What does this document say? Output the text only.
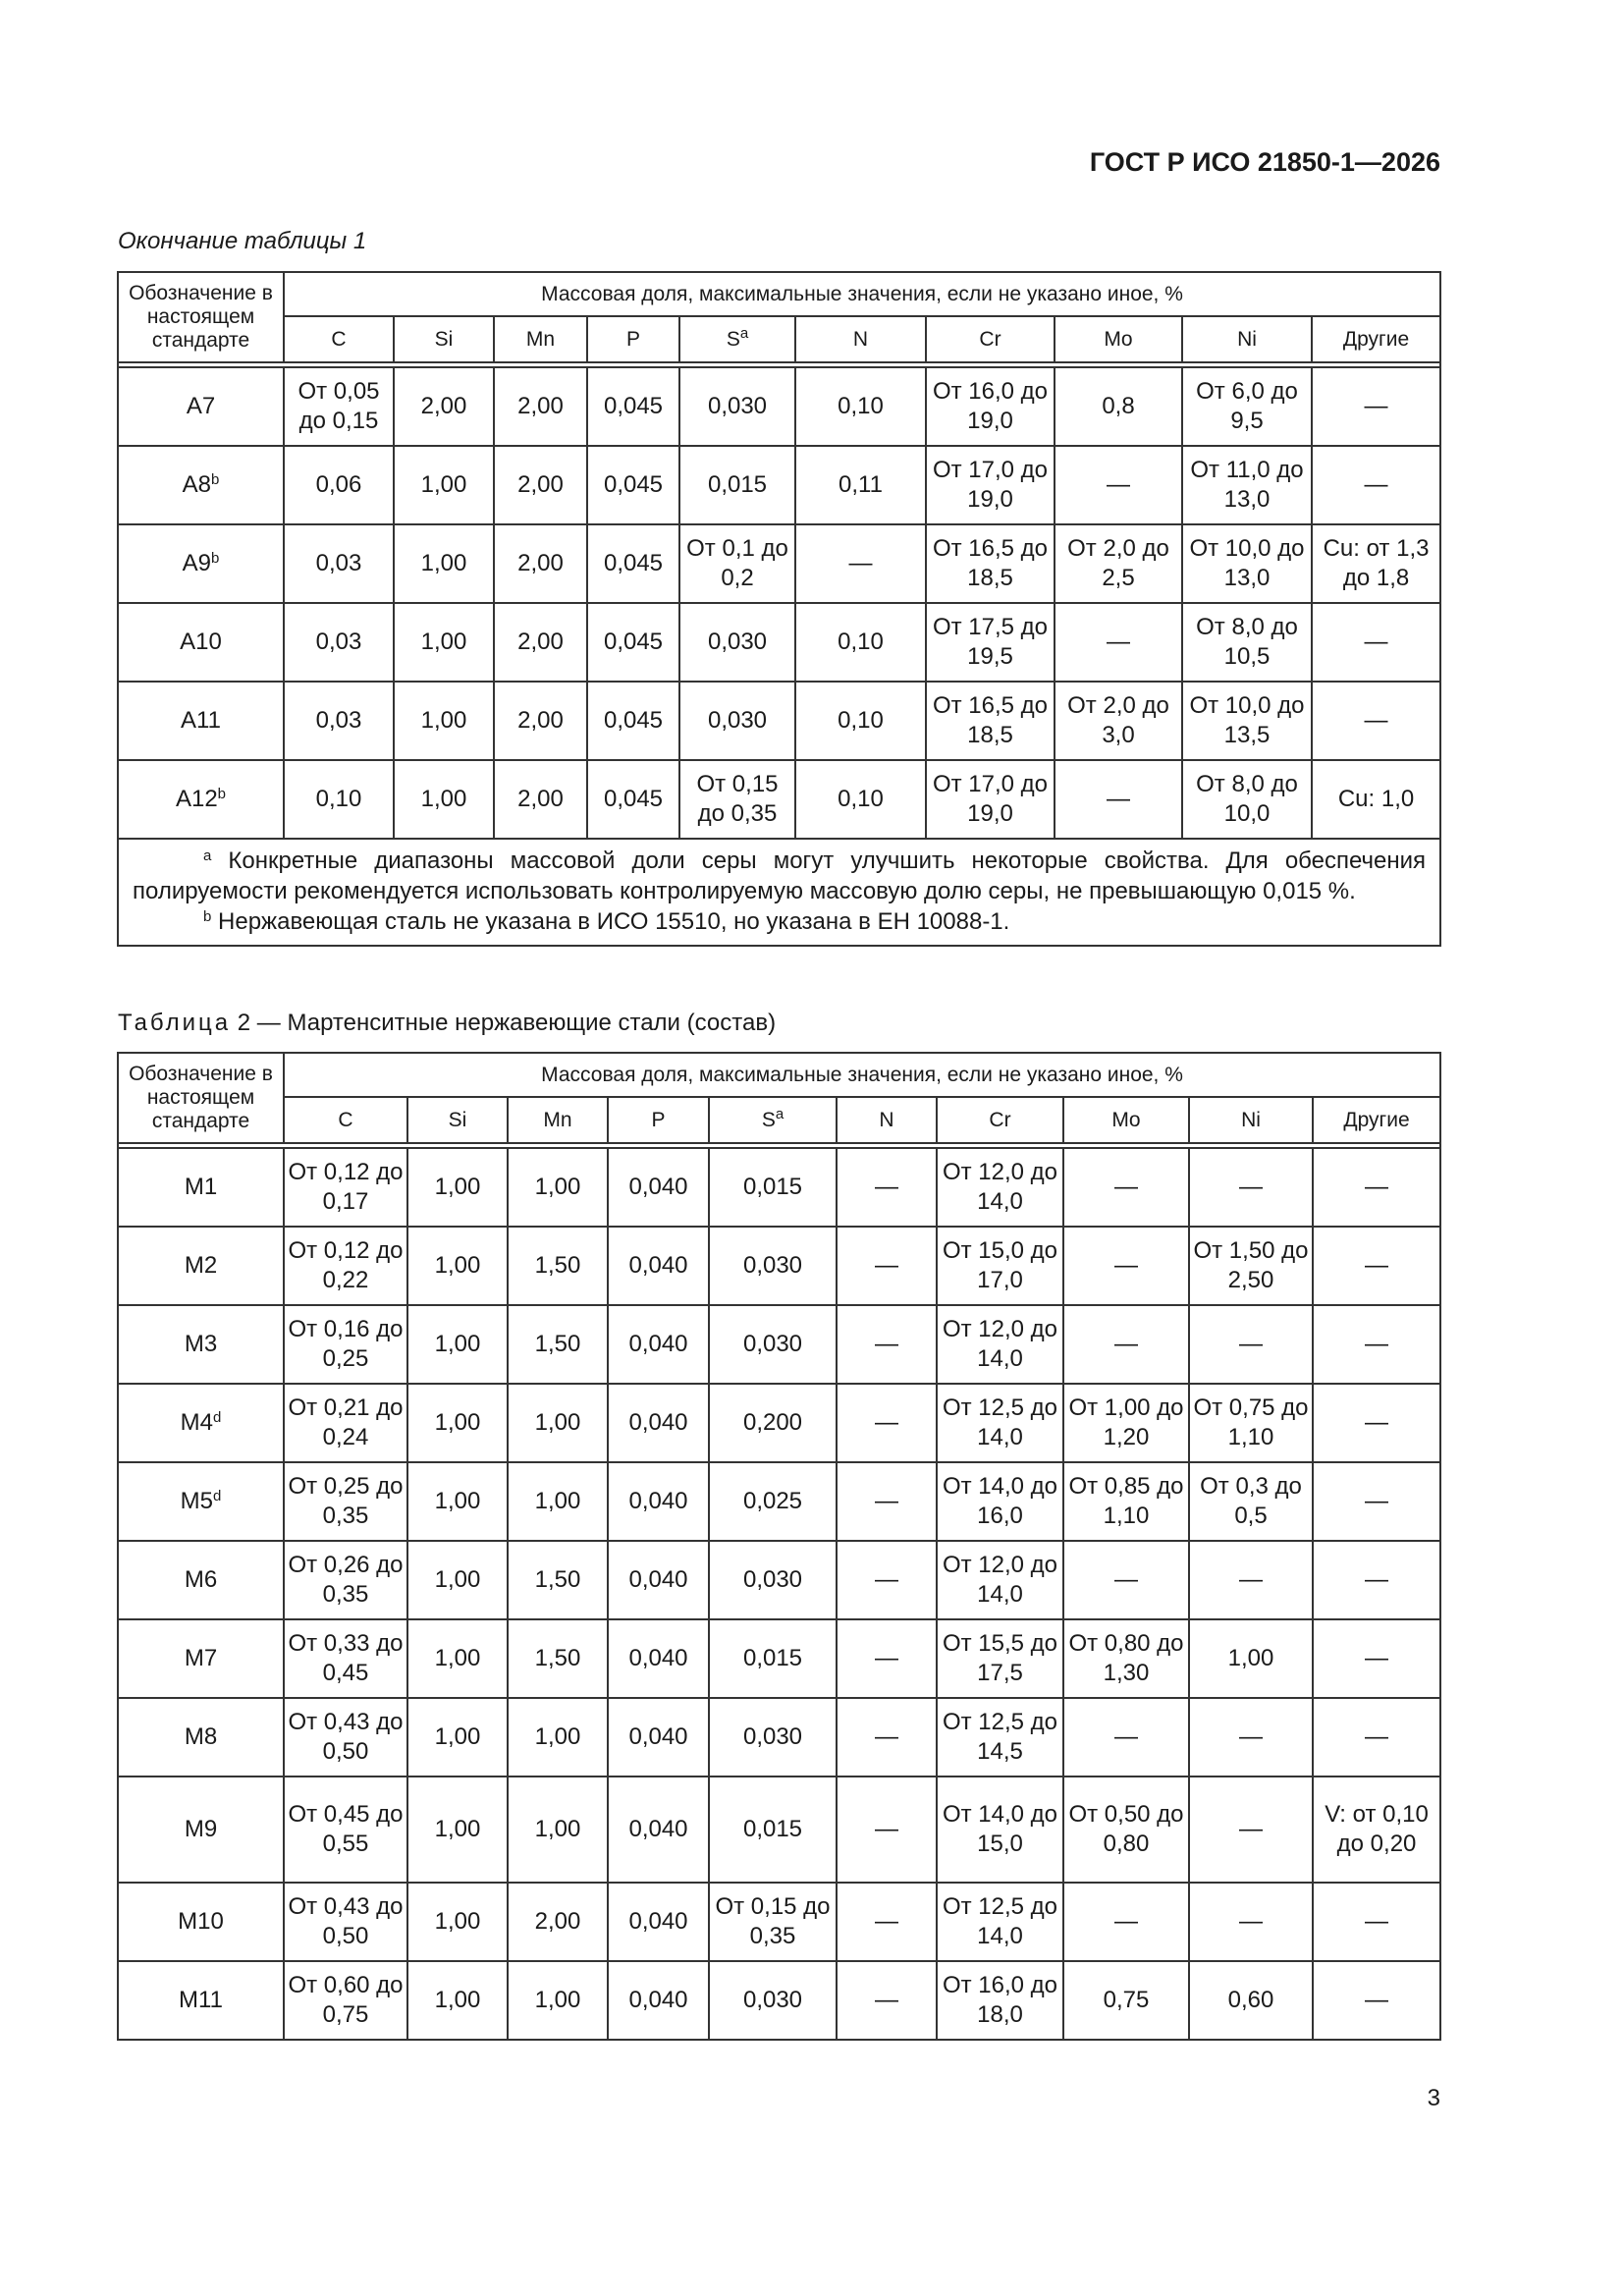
ГОСТ Р ИСО 21850-1—2026
Окончание таблицы 1
Обозначение в настоящем стандарте	Массовая доля, максимальные значения, если не указано иное, %									
	C	Si	Mn	P	$S^a$	N	Cr	Mo	Ni	Другие

A7	От 0,05 до 0,15	2,00	2,00	0,045	0,030	0,10	От 16,0 до 19,0	0,8	От 6,0 до 9,5	—
A8$^b$	0,06	1,00	2,00	0,045	0,015	0,11	От 17,0 до 19,0	—	От 11,0 до 13,0	—
A9$^b$	0,03	1,00	2,00	0,045	От 0,1 до 0,2	—	От 16,5 до 18,5	От 2,0 до 2,5	От 10,0 до 13,0	Cu: от 1,3 до 1,8
A10	0,03	1,00	2,00	0,045	0,030	0,10	От 17,5 до 19,5	—	От 8,0 до 10,5	—
A11	0,03	1,00	2,00	0,045	0,030	0,10	От 16,5 до 18,5	От 2,0 до 3,0	От 10,0 до 13,5	—
A12$^b$	0,10	1,00	2,00	0,045	От 0,15 до 0,35	0,10	От 17,0 до 19,0	—	От 8,0 до 10,0	Cu: 1,0

$^a$ Конкретные диапазоны массовой доли серы могут улучшить некоторые свойства. Для обеспечения полируемости рекомендуется использовать контролируемую массовую долю серы, не превышающую 0,015 %.

$^b$ Нержавеющая сталь не указана в ИСО 15510, но указана в ЕН 10088-1.										

Таблица 2 — Мартенситные нержавеющие стали (состав)
Обозначение в настоящем стандарте	Массовая доля, максимальные значения, если не указано иное, %									
	C	Si	Mn	P	$S^a$	N	Cr	Mo	Ni	Другие

M1	От 0,12 до 0,17	1,00	1,00	0,040	0,015	—	От 12,0 до 14,0	—	—	—
M2	От 0,12 до 0,22	1,00	1,50	0,040	0,030	—	От 15,0 до 17,0	—	От 1,50 до 2,50	—
M3	От 0,16 до 0,25	1,00	1,50	0,040	0,030	—	От 12,0 до 14,0	—	—	—
M4$^d$	От 0,21 до 0,24	1,00	1,00	0,040	0,200	—	От 12,5 до 14,0	От 1,00 до 1,20	От 0,75 до 1,10	—
M5$^d$	От 0,25 до 0,35	1,00	1,00	0,040	0,025	—	От 14,0 до 16,0	От 0,85 до 1,10	От 0,3 до 0,5	—
M6	От 0,26 до 0,35	1,00	1,50	0,040	0,030	—	От 12,0 до 14,0	—	—	—
M7	От 0,33 до 0,45	1,00	1,50	0,040	0,015	—	От 15,5 до 17,5	От 0,80 до 1,30	1,00	—
M8	От 0,43 до 0,50	1,00	1,00	0,040	0,030	—	От 12,5 до 14,5	—	—	—
M9	От 0,45 до 0,55	1,00	1,00	0,040	0,015	—	От 14,0 до 15,0	От 0,50 до 0,80	—	V: от 0,10 до 0,20
M10	От 0,43 до 0,50	1,00	2,00	0,040	От 0,15 до 0,35	—	От 12,5 до 14,0	—	—	—
M11	От 0,60 до 0,75	1,00	1,00	0,040	0,030	—	От 16,0 до 18,0	0,75	0,60	—
3
